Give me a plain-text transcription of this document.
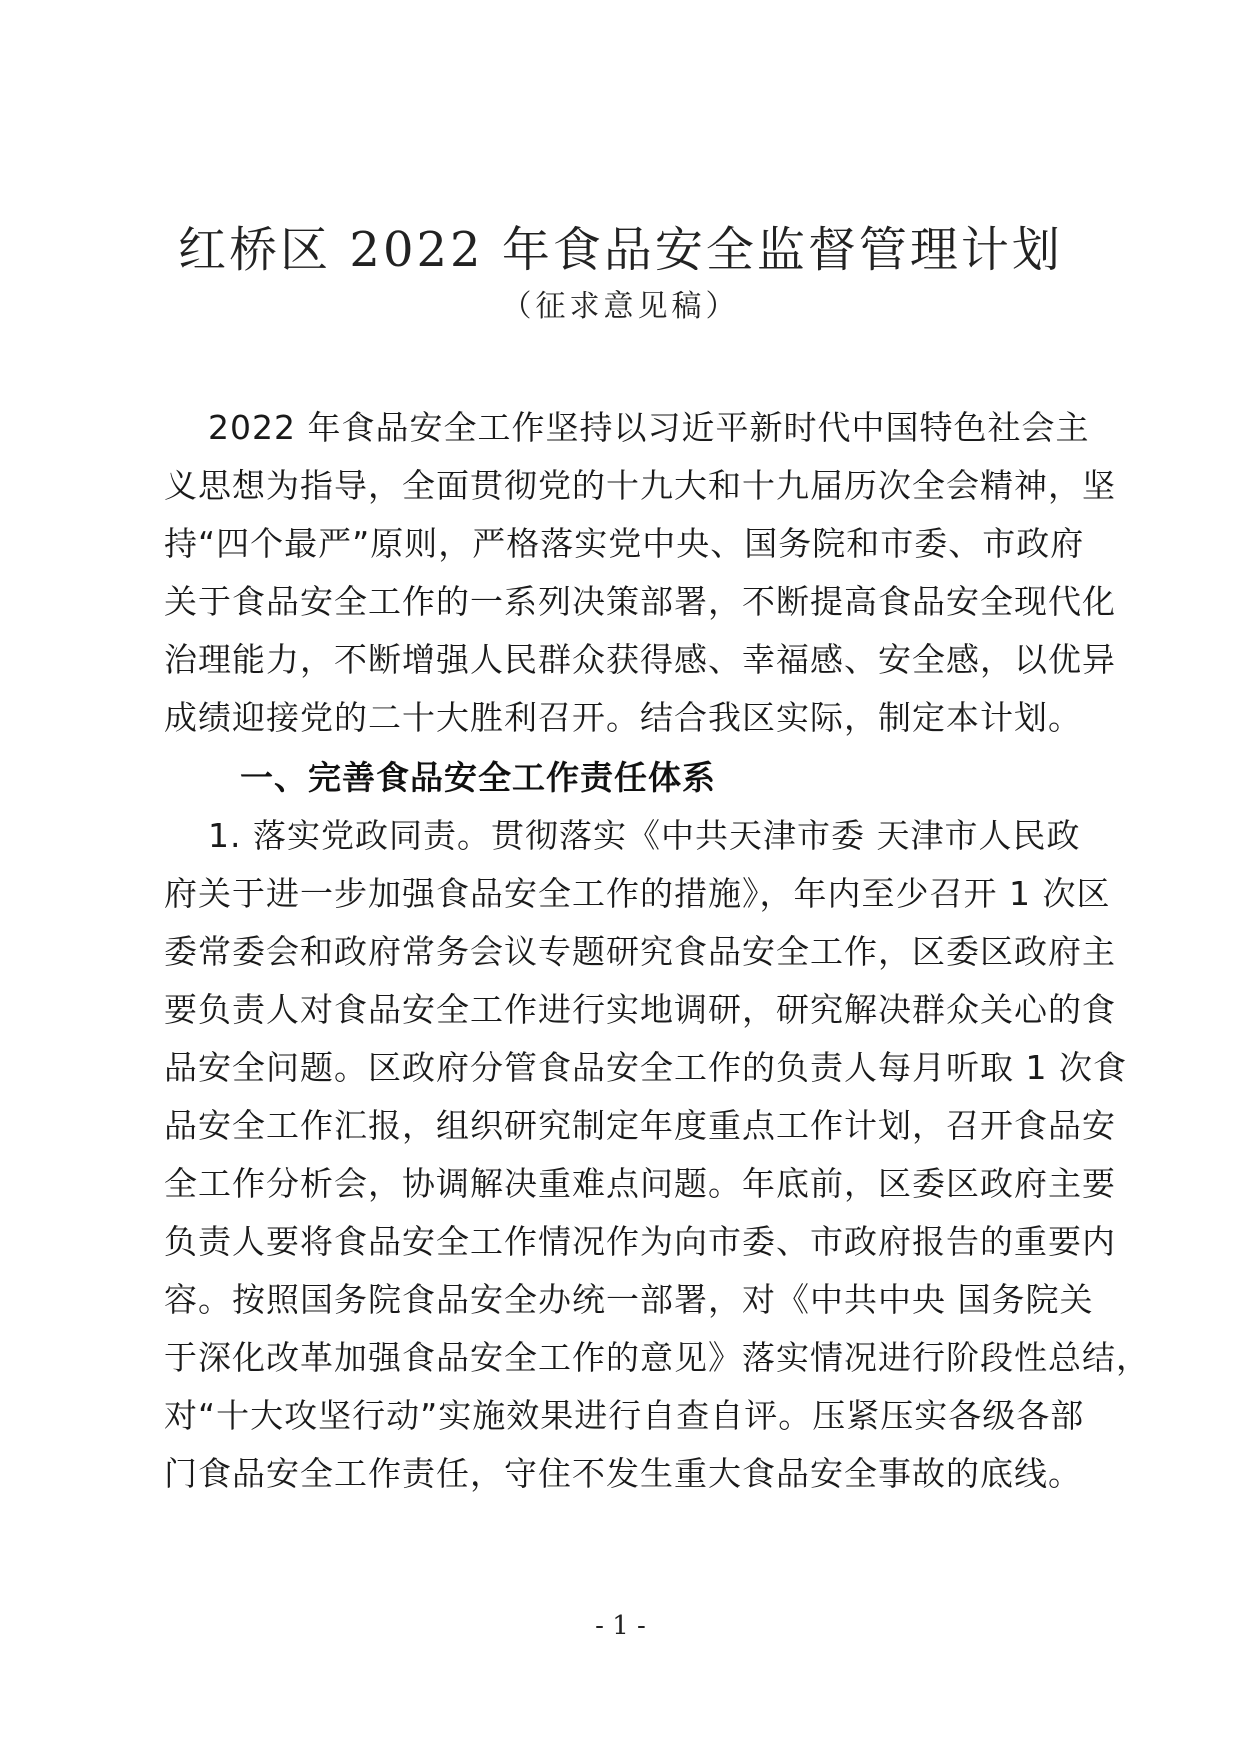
红桥区 2022 年食品安全监督管理计划
（征求意见稿）
2022 年食品安全工作坚持以习近平新时代中国特色社会主
义思想为指导，全面贯彻党的十九大和十九届历次全会精神，坚
持“四个最严”原则，严格落实党中央、国务院和市委、市政府
关于食品安全工作的一系列决策部署，不断提高食品安全现代化
治理能力，不断增强人民群众获得感、幸福感、安全感，以优异
成绩迎接党的二十大胜利召开。结合我区实际，制定本计划。
一、完善食品安全工作责任体系
1. 落实党政同责。贯彻落实《中共天津市委 天津市人民政
府关于进一步加强食品安全工作的措施》，年内至少召开 1 次区
委常委会和政府常务会议专题研究食品安全工作，区委区政府主
要负责人对食品安全工作进行实地调研，研究解决群众关心的食
品安全问题。区政府分管食品安全工作的负责人每月听取 1 次食
品安全工作汇报，组织研究制定年度重点工作计划，召开食品安
全工作分析会，协调解决重难点问题。年底前，区委区政府主要
负责人要将食品安全工作情况作为向市委、市政府报告的重要内
容。按照国务院食品安全办统一部署，对《中共中央 国务院关
于深化改革加强食品安全工作的意见》落实情况进行阶段性总结，
对“十大攻坚行动”实施效果进行自查自评。压紧压实各级各部
门食品安全工作责任，守住不发生重大食品安全事故的底线。
- 1 -
